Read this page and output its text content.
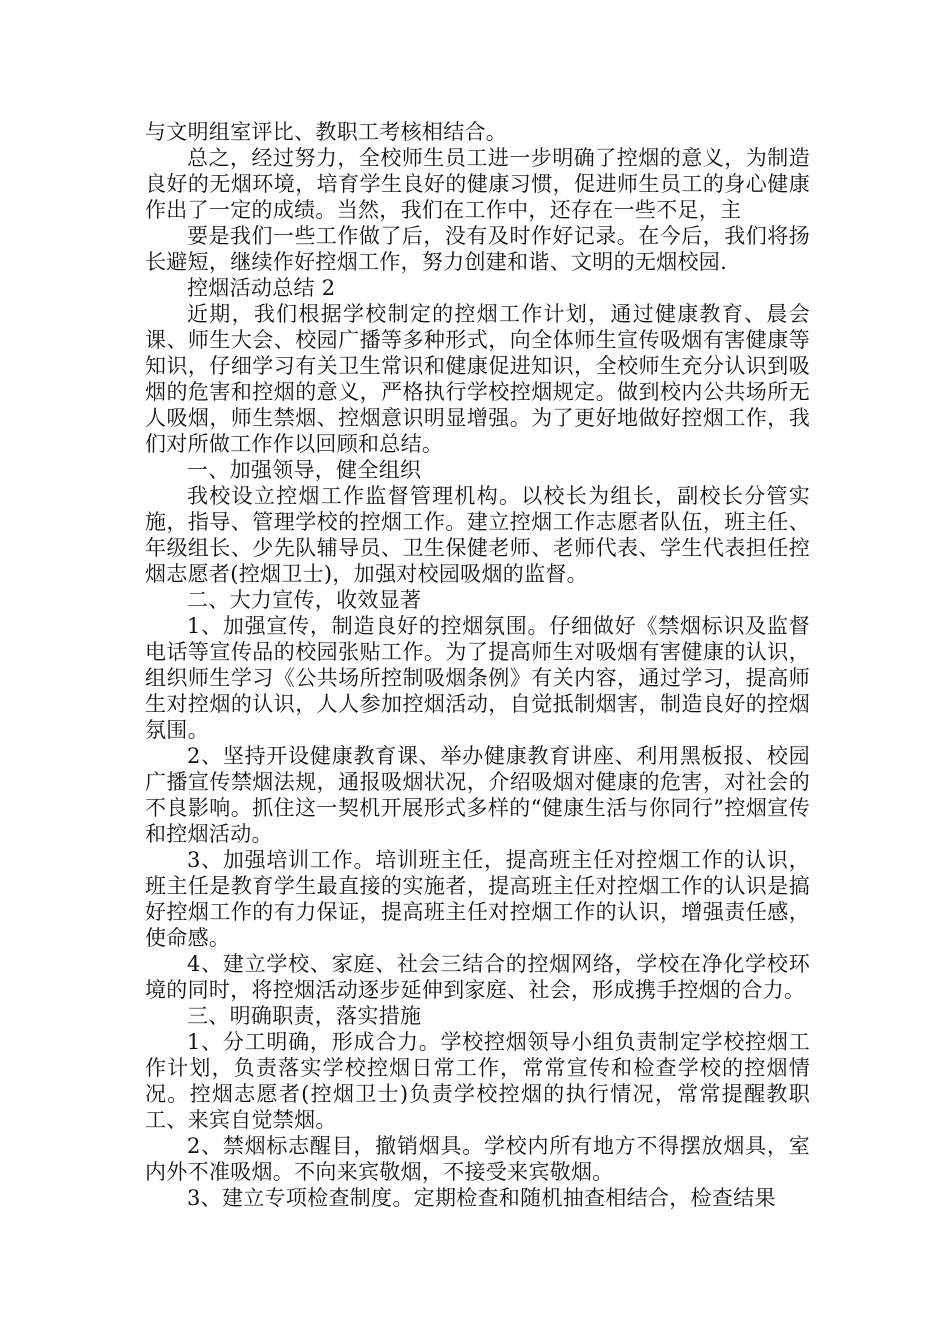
与文明组室评比、教职工考核相结合。

总之，经过努力，全校师生员工进一步明确了控烟的意义，为制造良好的无烟环境，培育学生良好的健康习惯，促进师生员工的身心健康作出了一定的成绩。当然，我们在工作中，还存在一些不足，主

要是我们一些工作做了后，没有及时作好记录。在今后，我们将扬长避短，继续作好控烟工作，努力创建和谐、文明的无烟校园.

控烟活动总结 2

近期，我们根据学校制定的控烟工作计划，通过健康教育、晨会课、师生大会、校园广播等多种形式，向全体师生宣传吸烟有害健康等知识，仔细学习有关卫生常识和健康促进知识，全校师生充分认识到吸烟的危害和控烟的意义，严格执行学校控烟规定。做到校内公共场所无人吸烟，师生禁烟、控烟意识明显增强。为了更好地做好控烟工作，我们对所做工作作以回顾和总结。

一、加强领导，健全组织

我校设立控烟工作监督管理机构。以校长为组长，副校长分管实施，指导、管理学校的控烟工作。建立控烟工作志愿者队伍，班主任、年级组长、少先队辅导员、卫生保健老师、老师代表、学生代表担任控烟志愿者(控烟卫士)，加强对校园吸烟的监督。

二、大力宣传，收效显著

1、加强宣传，制造良好的控烟氛围。仔细做好《禁烟标识及监督电话等宣传品的校园张贴工作。为了提高师生对吸烟有害健康的认识，组织师生学习《公共场所控制吸烟条例》有关内容，通过学习，提高师生对控烟的认识，人人参加控烟活动，自觉抵制烟害，制造良好的控烟氛围。

2、坚持开设健康教育课、举办健康教育讲座、利用黑板报、校园广播宣传禁烟法规，通报吸烟状况，介绍吸烟对健康的危害，对社会的不良影响。抓住这一契机开展形式多样的“健康生活与你同行”控烟宣传和控烟活动。

3、加强培训工作。培训班主任，提高班主任对控烟工作的认识，班主任是教育学生最直接的实施者，提高班主任对控烟工作的认识是搞好控烟工作的有力保证，提高班主任对控烟工作的认识，增强责任感，使命感。

4、建立学校、家庭、社会三结合的控烟网络，学校在净化学校环境的同时，将控烟活动逐步延伸到家庭、社会，形成携手控烟的合力。

三、明确职责，落实措施

1、分工明确，形成合力。学校控烟领导小组负责制定学校控烟工作计划，负责落实学校控烟日常工作，常常宣传和检查学校的控烟情况。控烟志愿者(控烟卫士)负责学校控烟的执行情况，常常提醒教职工、来宾自觉禁烟。

2、禁烟标志醒目，撤销烟具。学校内所有地方不得摆放烟具，室内外不准吸烟。不向来宾敬烟，不接受来宾敬烟。

3、建立专项检查制度。定期检查和随机抽查相结合，检查结果
